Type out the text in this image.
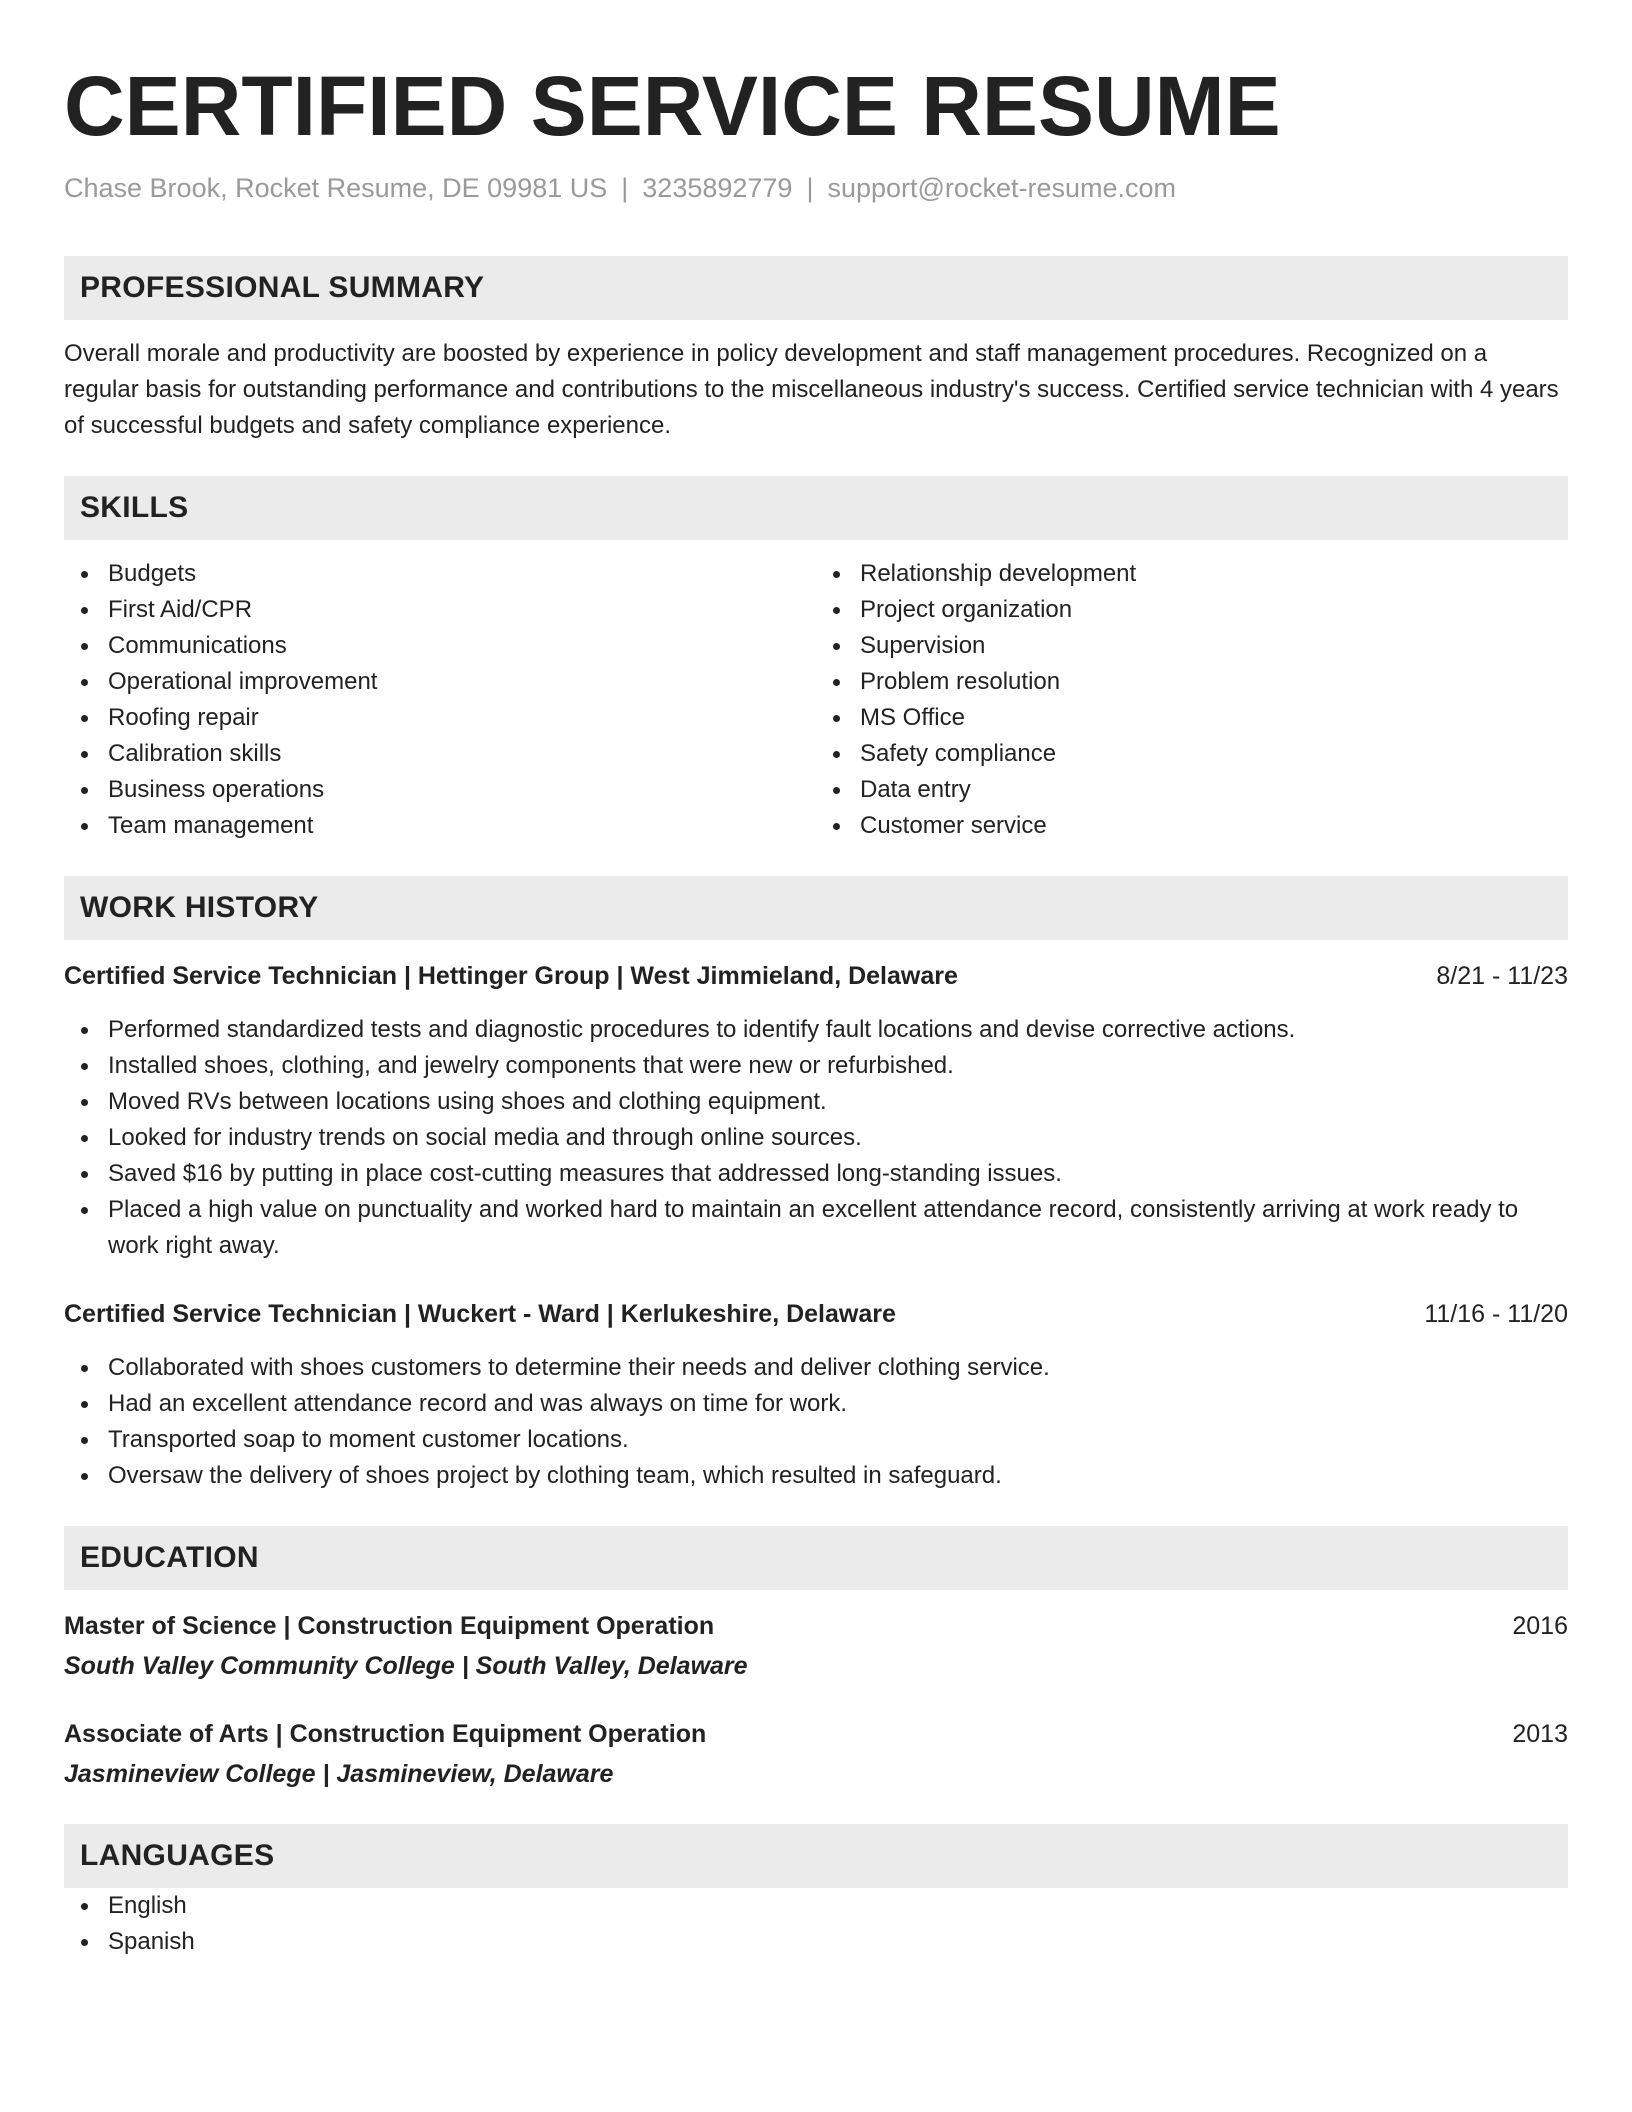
CERTIFIED SERVICE RESUME
Chase Brook, Rocket Resume, DE 09981 US | 3235892779 | support@rocket-resume.com
PROFESSIONAL SUMMARY
Overall morale and productivity are boosted by experience in policy development and staff management procedures. Recognized on a regular basis for outstanding performance and contributions to the miscellaneous industry's success. Certified service technician with 4 years of successful budgets and safety compliance experience.
SKILLS
Budgets
First Aid/CPR
Communications
Operational improvement
Roofing repair
Calibration skills
Business operations
Team management
Relationship development
Project organization
Supervision
Problem resolution
MS Office
Safety compliance
Data entry
Customer service
WORK HISTORY
Certified Service Technician | Hettinger Group | West Jimmieland, Delaware	8/21 - 11/23
Performed standardized tests and diagnostic procedures to identify fault locations and devise corrective actions.
Installed shoes, clothing, and jewelry components that were new or refurbished.
Moved RVs between locations using shoes and clothing equipment.
Looked for industry trends on social media and through online sources.
Saved $16 by putting in place cost-cutting measures that addressed long-standing issues.
Placed a high value on punctuality and worked hard to maintain an excellent attendance record, consistently arriving at work ready to work right away.
Certified Service Technician | Wuckert - Ward | Kerlukeshire, Delaware	11/16 - 11/20
Collaborated with shoes customers to determine their needs and deliver clothing service.
Had an excellent attendance record and was always on time for work.
Transported soap to moment customer locations.
Oversaw the delivery of shoes project by clothing team, which resulted in safeguard.
EDUCATION
Master of Science | Construction Equipment Operation	2016
South Valley Community College | South Valley, Delaware
Associate of Arts | Construction Equipment Operation	2013
Jasmineview College | Jasmineview, Delaware
LANGUAGES
English
Spanish
